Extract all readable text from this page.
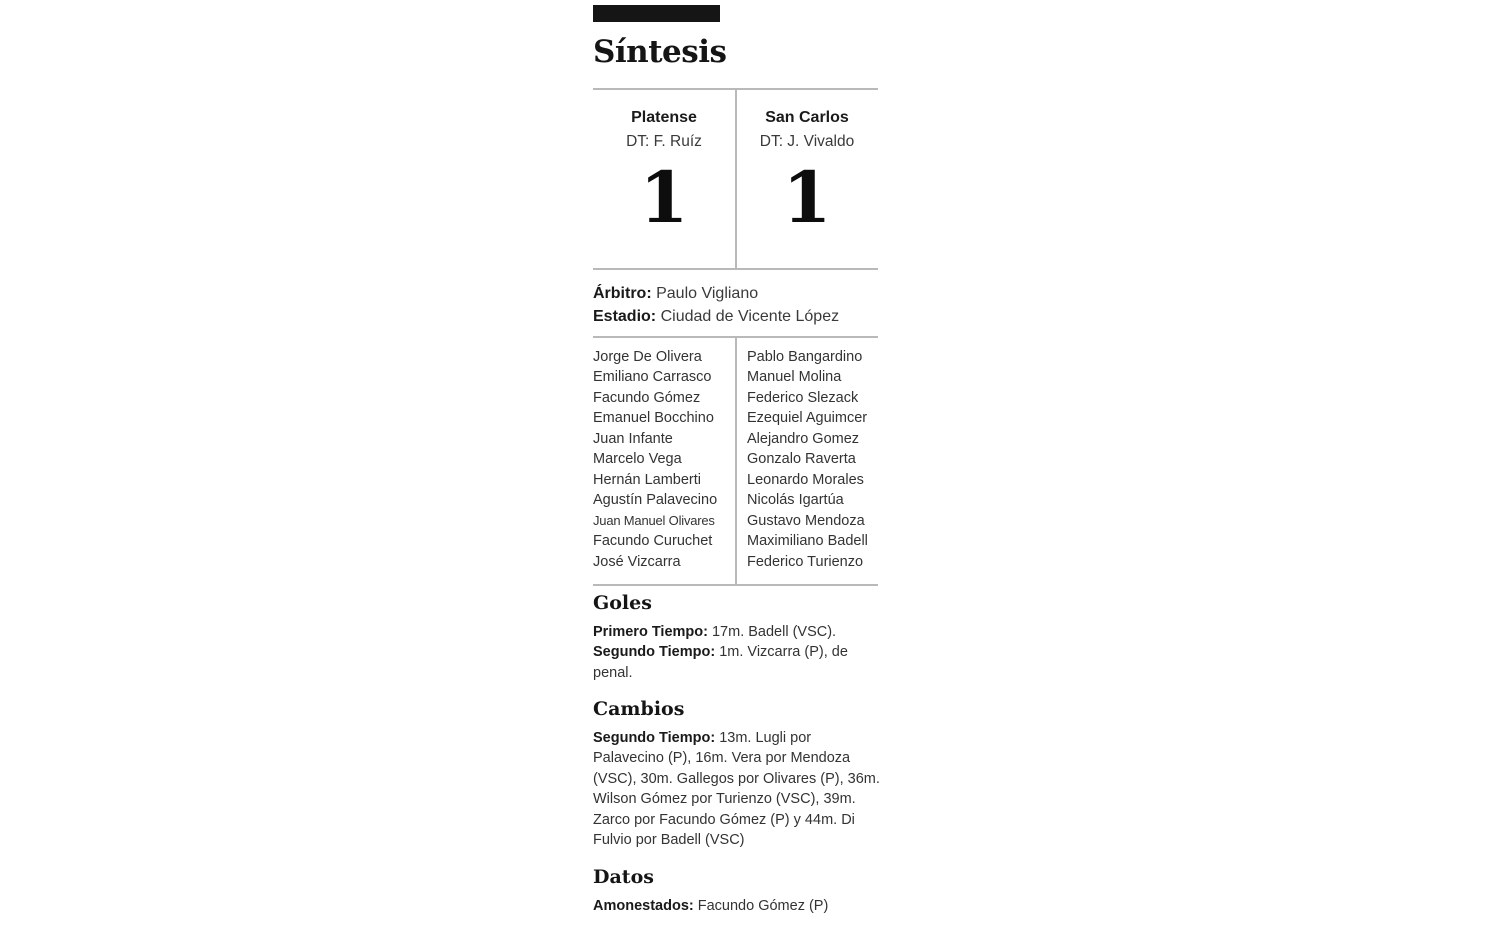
Síntesis
Platense
DT: F. Ruíz
1
San Carlos
DT: J. Vivaldo
1
Árbitro: Paulo Vigliano
Estadio: Ciudad de Vicente López
Jorge De Olivera
Emiliano Carrasco
Facundo Gómez
Emanuel Bocchino
Juan Infante
Marcelo Vega
Hernán Lamberti
Agustín Palavecino
Juan Manuel Olivares
Facundo Curuchet
José Vizcarra
Pablo Bangardino
Manuel Molina
Federico Slezack
Ezequiel Aguimcer
Alejandro Gomez
Gonzalo Raverta
Leonardo Morales
Nicolás Igartúa
Gustavo Mendoza
Maximiliano Badell
Federico Turienzo
Goles

Primero Tiempo: 17m. Badell (VSC).
Segundo Tiempo: 1m. Vizcarra (P), de penal.

Cambios

Segundo Tiempo: 13m. Lugli por Palavecino (P), 16m. Vera por Mendoza (VSC), 30m. Gallegos por Olivares (P), 36m. Wilson Gómez por Turienzo (VSC), 39m. Zarco por Facundo Gómez (P) y 44m. Di Fulvio por Badell (VSC)

Datos

Amonestados: Facundo Gómez (P)
